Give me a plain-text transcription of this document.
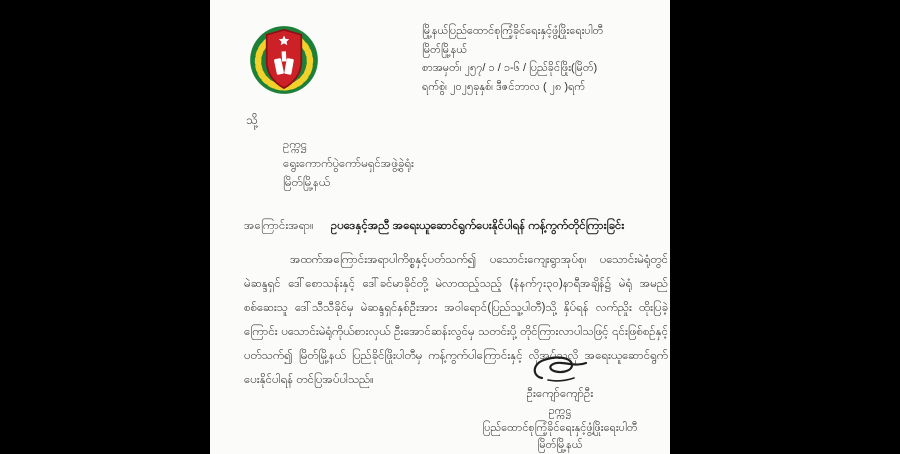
မြို့နယ်ပြည်ထောင်စုကြံ့ခိုင်ရေးနှင့်ဖွံ့ဖြိုးရေးပါတီ
မြိတ်မြို့နယ်
စာအမှတ်၊ ၂၅၇/ ၁ / ၁-၆ / ပြည်ခိုင်ဖြိုး(မြိတ်)
ရက်စွဲ၊ ၂၀၂၅ခုနှစ်၊ ဒီဇင်ဘာလ ( ၂၈ )ရက်
သို့
ဥက္ကဋ္ဌ
ရွေးကောက်ပွဲကော်မရှင်အဖွဲ့ခွဲရုံး
မြိတ်မြို့နယ်
အကြောင်းအရာ။ ဥပဒေနှင့်အညီ အရေးယူဆောင်ရွက်ပေးနိုင်ပါရန် ကန့်ကွက်တိုင်ကြားခြင်း
အထက်အကြောင်းအရာပါကိစ္စနှင့်ပတ်သက်၍ ပသောင်းကျေးရွာအုပ်စု၊ ပသောင်းမဲရုံတွင် မဲဆန္ဒရှင် ဒေါ်စောသန်းနှင့် ဒေါ်ခင်မာခိုင်တို့ မဲလာထည့်သည့် (နံနက်၇း၃၀)နာရီအချိန်၌ မဲရုံ အမည်စစ်ဆေးသူ ဒေါ်သီသီခိုင်မှ မဲဆန္ဒရှင်နှစ်ဦးအား အဝါရောင်(ပြည်သူ့ပါတီ)သို့ နှိပ်ရန် လက်ညှိုး ထိုးပြခဲ့ကြောင်း ပသောင်းမဲရုံကိုယ်စားလှယ် ဦးအောင်ဆန်းလွင်မှ သတင်းပို့ တိုင်ကြားလာပါသဖြင့် ၎င်းဖြစ်စဉ်နှင့်ပတ်သက်၍ မြိတ်မြို့နယ် ပြည်ခိုင်ဖြိုးပါတီမှ ကန့်ကွက်ပါကြောင်းနှင့် လိုအပ်သလို အရေးယူဆောင်ရွက်ပေးနိုင်ပါရန် တင်ပြအပ်ပါသည်။
ဦးကျော်ကျော်ဦး
ဥက္ကဋ္ဌ
ပြည်ထောင်စုကြံ့ခိုင်ရေးနှင့်ဖွံ့ဖြိုးရေးပါတီ
မြိတ်မြို့နယ်
